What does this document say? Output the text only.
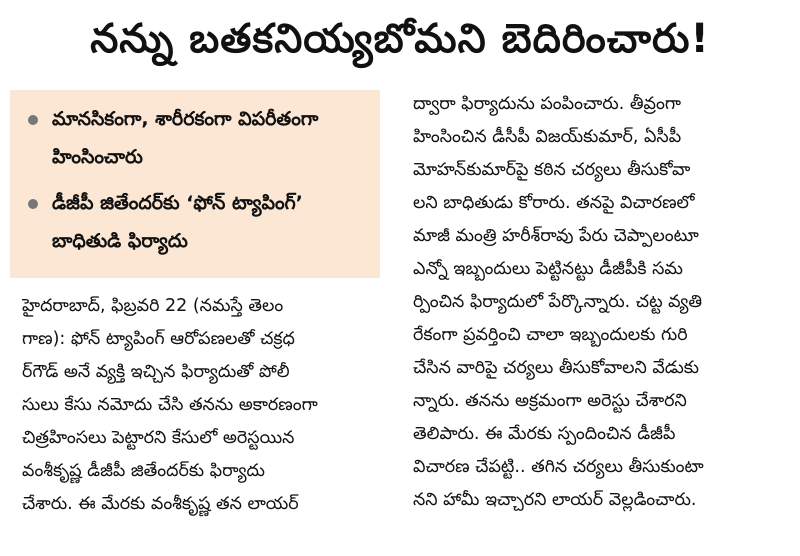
నన్ను బతకనియ్యబోమని బెదిరించారు!
మానసికంగా, శారీరకంగా విపరీతంగా హింసించారు
డీజీపీ జితేందర్‌కు ‘ఫోన్ ట్యాపింగ్’ బాధితుడి ఫిర్యాదు
హైదరాబాద్, ఫిబ్రవరి 22 (నమస్తే తెలం
గాణ): ఫోన్ ట్యాపింగ్ ఆరోపణలతో చక్రధ
ర్‌గౌడ్ అనే వ్యక్తి ఇచ్చిన ఫిర్యాదుతో పోలీ
సులు కేసు నమోదు చేసి తనను అకారణంగా
చిత్రహింసలు పెట్టారని కేసులో అరెస్టయిన
వంశీకృష్ణ డీజీపీ జితేందర్‌కు ఫిర్యాదు
చేశారు. ఈ మేరకు వంశీకృష్ణ తన లాయర్
ద్వారా ఫిర్యాదును పంపించారు. తీవ్రంగా
హింసించిన డీసీపీ విజయ్‌కుమార్, ఏసీపీ
మోహన్‌కుమార్‌పై కఠిన చర్యలు తీసుకోవా
లని బాధితుడు కోరారు. తనపై విచారణలో
మాజీ మంత్రి హరీశ్‌రావు పేరు చెప్పాలంటూ
ఎన్నో ఇబ్బందులు పెట్టినట్టు డీజీపీకి సమ
ర్పించిన ఫిర్యాదులో పేర్కొన్నారు. చట్ట వ్యతి
రేకంగా ప్రవర్తించి చాలా ఇబ్బందులకు గురి
చేసిన వారిపై చర్యలు తీసుకోవాలని వేడుకు
న్నారు. తనను అక్రమంగా అరెస్టు చేశారని
తెలిపారు. ఈ మేరకు స్పందించిన డీజీపీ
విచారణ చేపట్టి.. తగిన చర్యలు తీసుకుంటా
నని హామీ ఇచ్చారని లాయర్ వెల్లడించారు.
